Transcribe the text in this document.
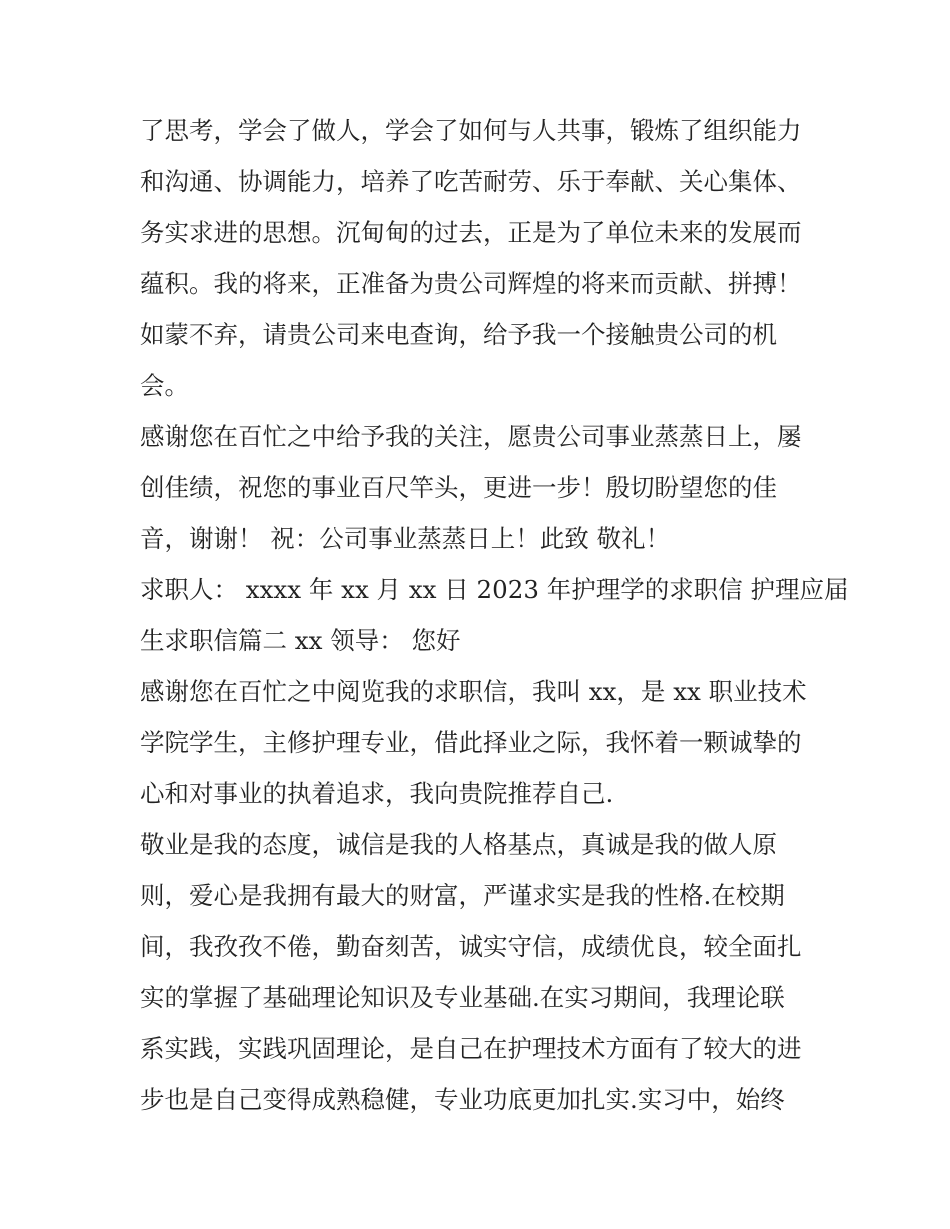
了思考，学会了做人，学会了如何与人共事，锻炼了组织能力
和沟通、协调能力，培养了吃苦耐劳、乐于奉献、关心集体、
务实求进的思想。沉甸甸的过去，正是为了单位未来的发展而
蕴积。我的将来，正准备为贵公司辉煌的将来而贡献、拼搏！
如蒙不弃，请贵公司来电查询，给予我一个接触贵公司的机
会。
感谢您在百忙之中给予我的关注，愿贵公司事业蒸蒸日上，屡
创佳绩，祝您的事业百尺竿头，更进一步！殷切盼望您的佳
音，谢谢！ 祝：公司事业蒸蒸日上！此致 敬礼！
求职人： xxxx 年 xx 月 xx 日 2023 年护理学的求职信 护理应届
生求职信篇二 xx 领导： 您好
感谢您在百忙之中阅览我的求职信，我叫 xx，是 xx 职业技术
学院学生，主修护理专业，借此择业之际，我怀着一颗诚挚的
心和对事业的执着追求，我向贵院推荐自己.
敬业是我的态度，诚信是我的人格基点，真诚是我的做人原
则，爱心是我拥有最大的财富，严谨求实是我的性格.在校期
间，我孜孜不倦，勤奋刻苦，诚实守信，成绩优良，较全面扎
实的掌握了基础理论知识及专业基础.在实习期间，我理论联
系实践，实践巩固理论，是自己在护理技术方面有了较大的进
步也是自己变得成熟稳健，专业功底更加扎实.实习中，始终
